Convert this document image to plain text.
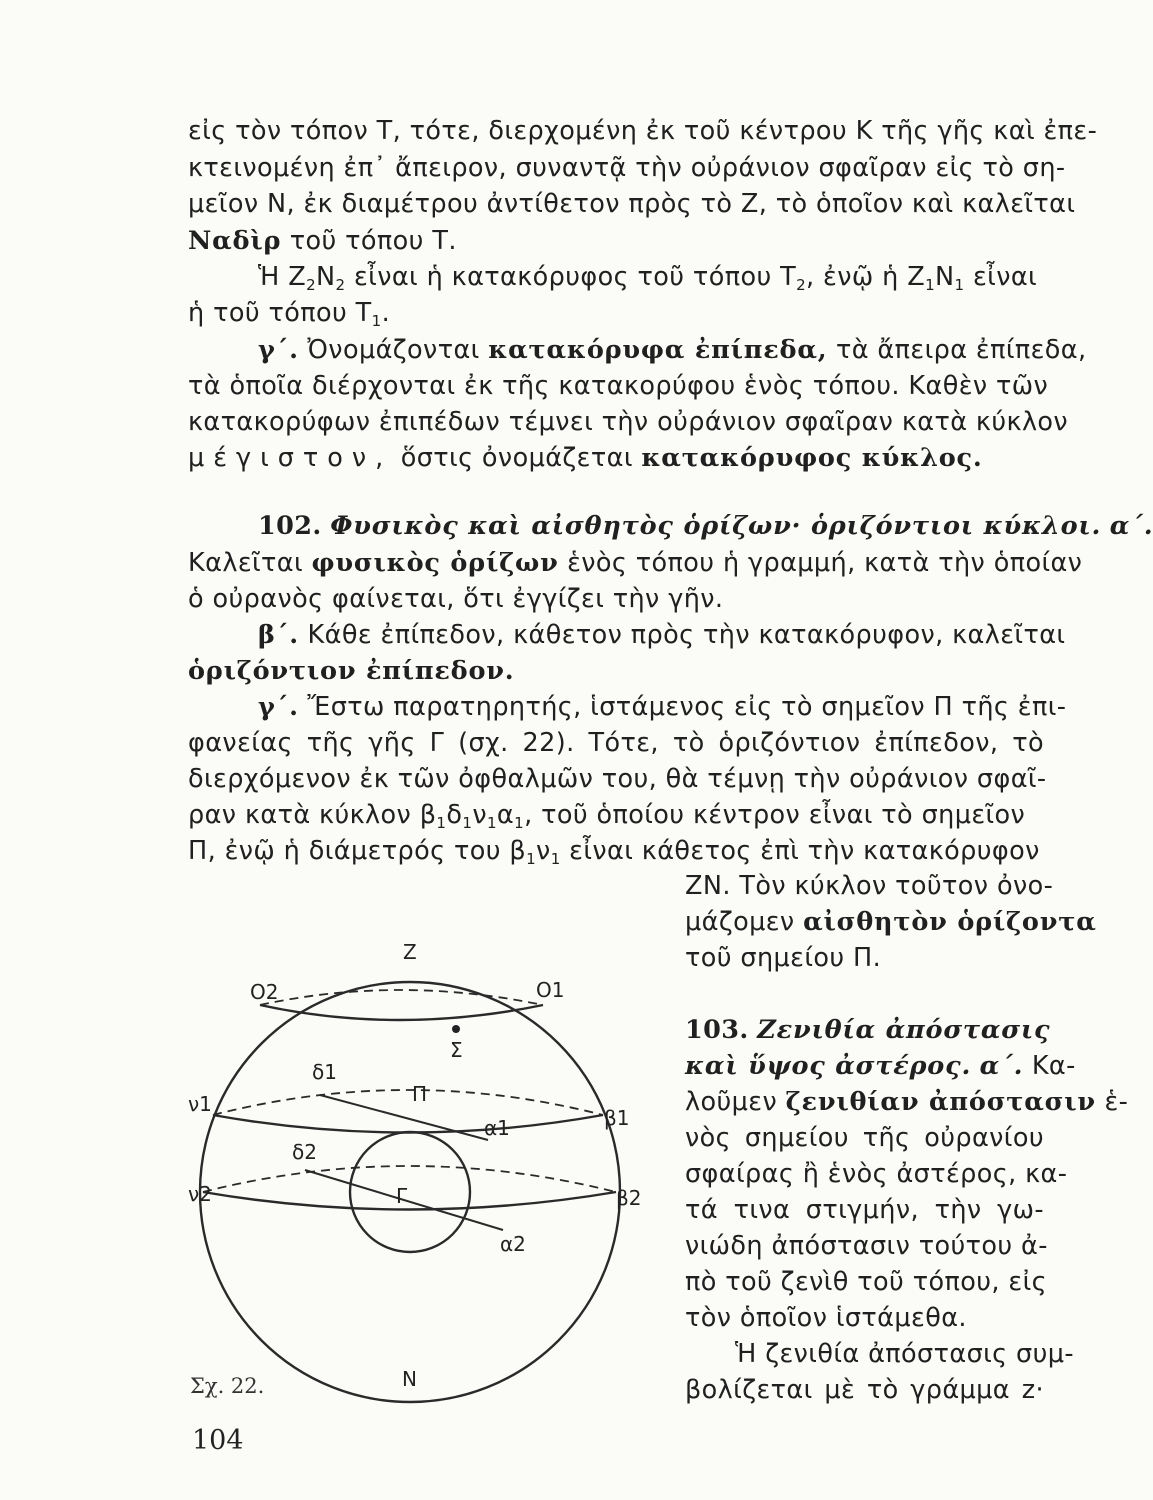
εἰς τὸν τόπον Τ, τότε, διερχομένη ἐκ τοῦ κέντρου Κ τῆς γῆς καὶ ἐπε-
κτεινομένη ἐπ᾽ ἄπειρον, συναντᾷ τὴν οὐράνιον σφαῖραν εἰς τὸ ση-
μεῖον Ν, ἐκ διαμέτρου ἀντίθετον πρὸς τὸ Ζ, τὸ ὁποῖον καὶ καλεῖται
Ναδὶρ τοῦ τόπου Τ.
Ἡ $Z_2N_2$ εἶναι ἡ κατακόρυφος τοῦ τόπου $T_2$, ἐνῷ ἡ $Z_1N_1$ εἶναι
ἡ τοῦ τόπου $T_1$.
γ΄. Ὀνομάζονται κατακόρυφα ἐπίπεδα, τὰ ἄπειρα ἐπίπεδα,
τὰ ὁποῖα διέρχονται ἐκ τῆς κατακορύφου ἑνὸς τόπου. Καθὲν τῶν
κατακορύφων ἐπιπέδων τέμνει τὴν οὐράνιον σφαῖραν κατὰ κύκλον
μέγιστον, ὅστις ὀνομάζεται κατακόρυφος κύκλος.
102. Φυσικὸς καὶ αἰσθητὸς ὁρίζων· ὁριζόντιοι κύκλοι. α΄.
Καλεῖται φυσικὸς ὁρίζων ἑνὸς τόπου ἡ γραμμή, κατὰ τὴν ὁποίαν
ὁ οὐρανὸς φαίνεται, ὅτι ἐγγίζει τὴν γῆν.
β΄. Κάθε ἐπίπεδον, κάθετον πρὸς τὴν κατακόρυφον, καλεῖται
ὁριζόντιον ἐπίπεδον.
γ΄. Ἔστω παρατηρητής, ἱστάμενος εἰς τὸ σημεῖον Π τῆς ἐπι-
φανείας τῆς γῆς Γ (σχ. 22). Τότε, τὸ ὁριζόντιον ἐπίπεδον, τὸ
διερχόμενον ἐκ τῶν ὀφθαλμῶν του, θὰ τέμνῃ τὴν οὐράνιον σφαῖ-
ραν κατὰ κύκλον $\beta_1\delta_1\nu_1\alpha_1$, τοῦ ὁποίου κέντρον εἶναι τὸ σημεῖον
Π, ἐνῷ ἡ διάμετρός του $\beta_1\nu_1$ εἶναι κάθετος ἐπὶ τὴν κατακόρυφον
ZN. Τὸν κύκλον τοῦτον ὀνο-
μάζομεν αἰσθητὸν ὁρίζοντα
τοῦ σημείου Π.
103. Ζενιθία ἀπόστασις
καὶ ὕψος ἀστέρος. α΄. Κα-
λοῦμεν ζενιθίαν ἀπόστασιν ἑ-
νὸς σημείου τῆς οὐρανίου
σφαίρας ἢ ἑνὸς ἀστέρος, κα-
τά τινα στιγμήν, τὴν γω-
νιώδη ἀπόστασιν τούτου ἀ-
πὸ τοῦ ζενὶθ τοῦ τόπου, εἰς
τὸν ὁποῖον ἱστάμεθα.
Ἡ ζενιθία ἀπόστασις συμ-
βολίζεται μὲ τὸ γράμμα z·
Z
N
O2	O1
Σ
δ1
Π
β1
ν1
α1
δ2
Γ
ν2	β2
α2
Σχ. 22.
104
